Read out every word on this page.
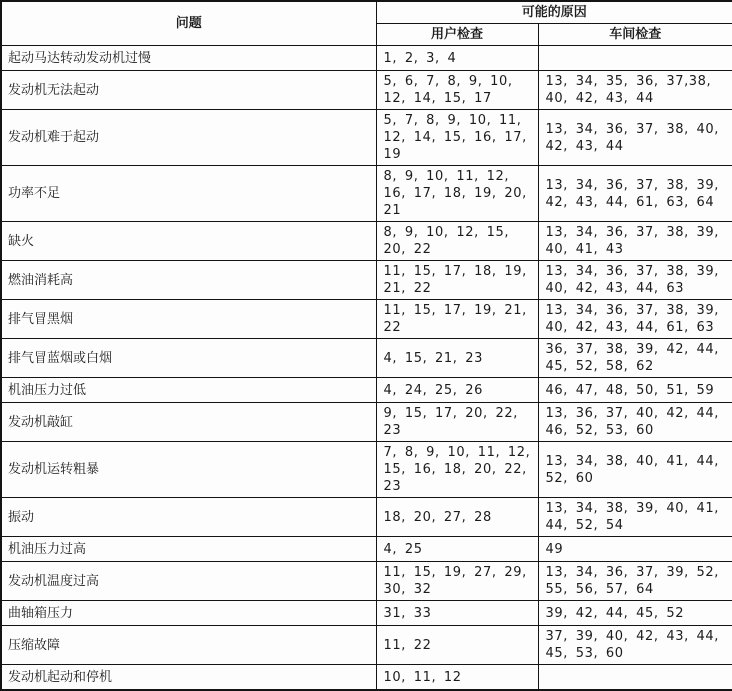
问题	可能的原因	
	用户检查	车间检查
起动马达转动发动机过慢	1, 2, 3, 4	
发动机无法起动	5, 6, 7, 8, 9, 10, 12, 14, 15, 17	13, 34, 35, 36, 37,38, 40, 42, 43, 44
发动机难于起动	5, 7, 8, 9, 10, 11, 12, 14, 15, 16, 17, 19	13, 34, 36, 37, 38, 40, 42, 43, 44
功率不足	8, 9, 10, 11, 12, 16, 17, 18, 19, 20, 21	13, 34, 36, 37, 38, 39, 42, 43, 44, 61, 63, 64
缺火	8, 9, 10, 12, 15, 20, 22	13, 34, 36, 37, 38, 39, 40, 41, 43
燃油消耗高	11, 15, 17, 18, 19, 21, 22	13, 34, 36, 37, 38, 39, 40, 42, 43, 44, 63
排气冒黑烟	11, 15, 17, 19, 21, 22	13, 34, 36, 37, 38, 39, 40, 42, 43, 44, 61, 63
排气冒蓝烟或白烟	4, 15, 21, 23	36, 37, 38, 39, 42, 44, 45, 52, 58, 62
机油压力过低	4, 24, 25, 26	46, 47, 48, 50, 51, 59
发动机敲缸	9, 15, 17, 20, 22, 23	13, 36, 37, 40, 42, 44, 46, 52, 53, 60
发动机运转粗暴	7, 8, 9, 10, 11, 12, 15, 16, 18, 20, 22, 23	13, 34, 38, 40, 41, 44, 52, 60
振动	18, 20, 27, 28	13, 34, 38, 39, 40, 41, 44, 52, 54
机油压力过高	4, 25	49
发动机温度过高	11, 15, 19, 27, 29, 30, 32	13, 34, 36, 37, 39, 52, 55, 56, 57, 64
曲轴箱压力	31, 33	39, 42, 44, 45, 52
压缩故障	11, 22	37, 39, 40, 42, 43, 44, 45, 53, 60
发动机起动和停机	10, 11, 12	
